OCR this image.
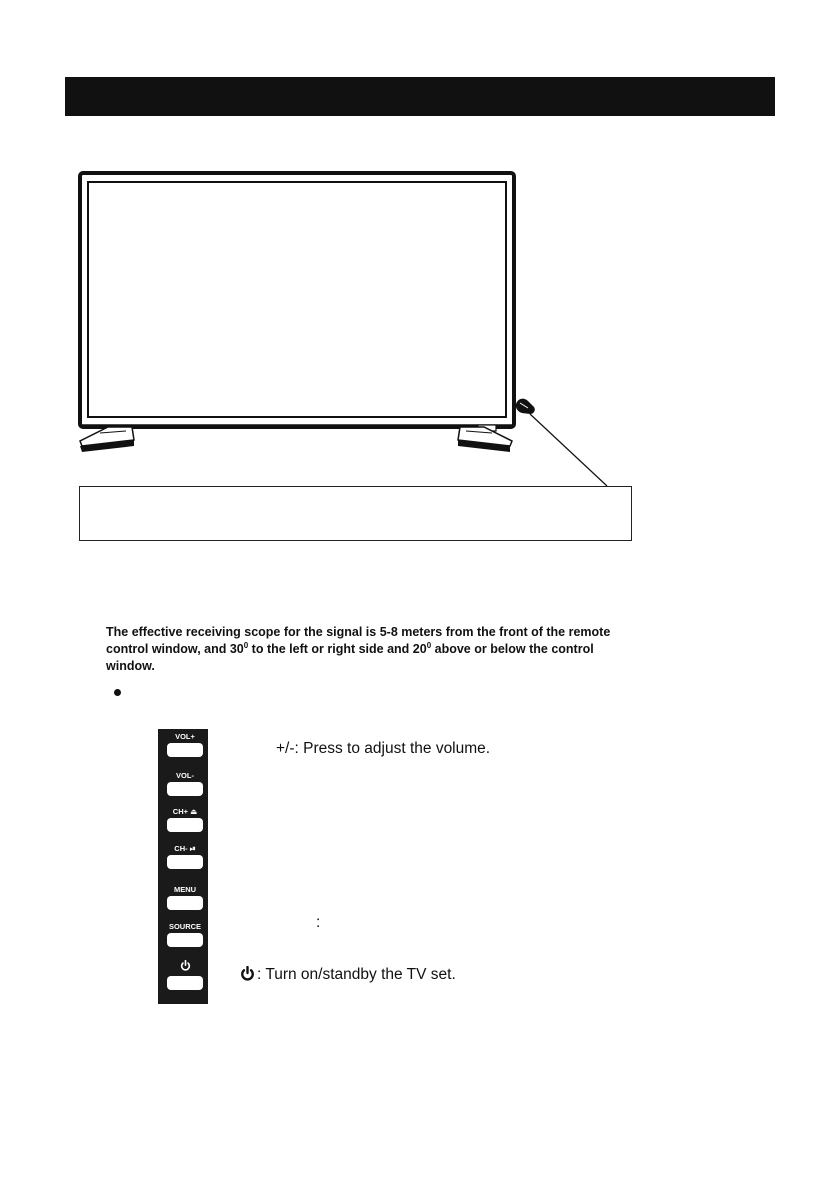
The effective receiving scope for the signal is 5-8 meters from the front of the remote
control window, and $30^0$ to the left or right side and $20^0$ above or below the control
window.
VOL+
VOL-
CH+ ⏏
CH- ⏯
MENU
SOURCE
+/-: Press to adjust the volume.
:
: Turn on/standby the TV set.
